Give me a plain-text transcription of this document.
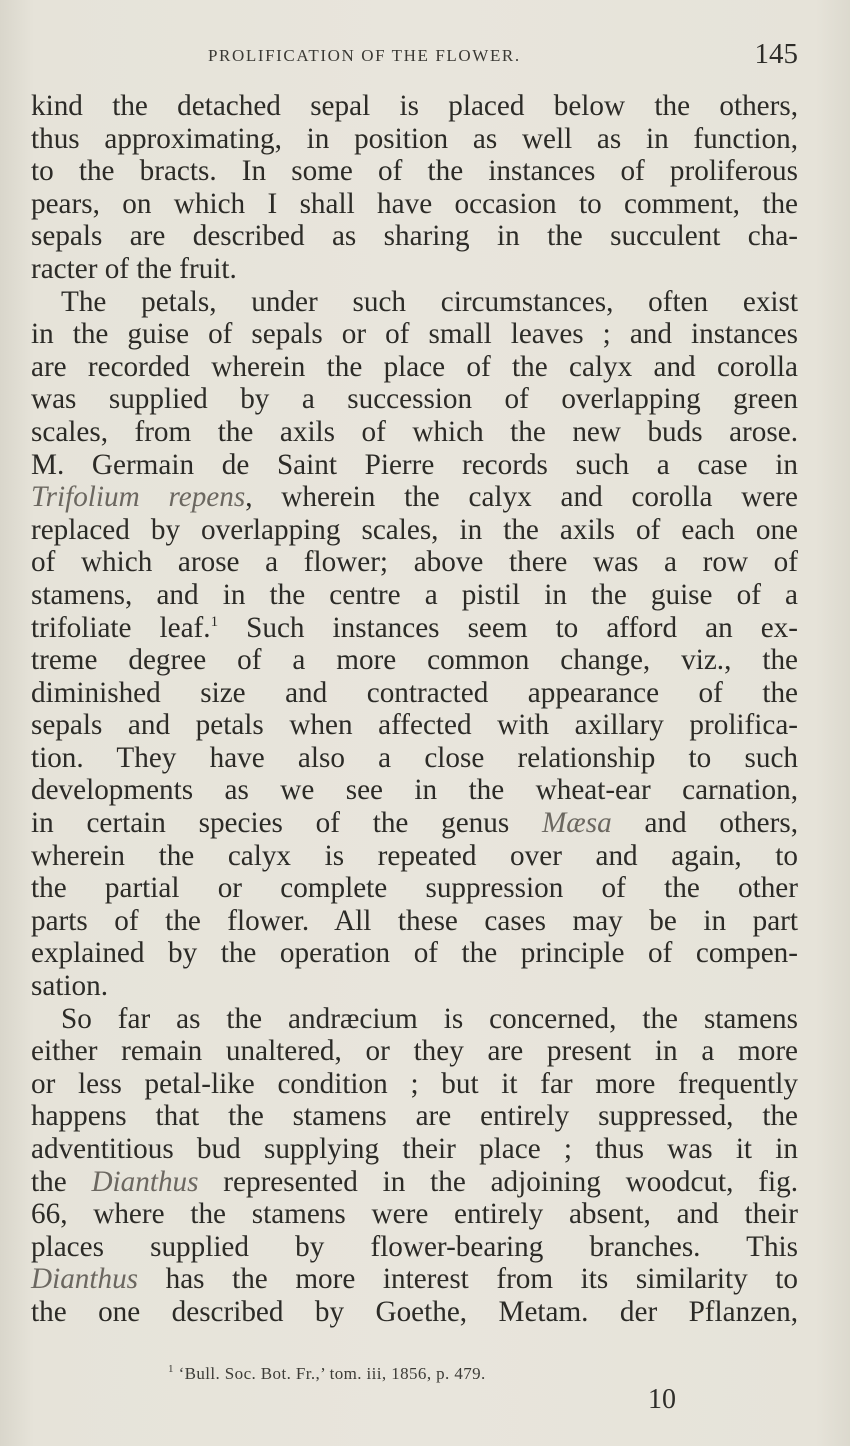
PROLIFICATION OF THE FLOWER.	145

kind the detached sepal is placed below the others,
thus approximating, in position as well as in function,
to the bracts. In some of the instances of proliferous
pears, on which I shall have occasion to comment, the
sepals are described as sharing in the succulent cha-
racter of the fruit.

The petals, under such circumstances, often exist
in the guise of sepals or of small leaves ; and instances
are recorded wherein the place of the calyx and corolla
was supplied by a succession of overlapping green
scales, from the axils of which the new buds arose.
M. Germain de Saint Pierre records such a case in
Trifolium repens, wherein the calyx and corolla were
replaced by overlapping scales, in the axils of each one
of which arose a flower; above there was a row of
stamens, and in the centre a pistil in the guise of a
trifoliate leaf.$^1$ Such instances seem to afford an ex-
treme degree of a more common change, viz., the
diminished size and contracted appearance of the
sepals and petals when affected with axillary prolifica-
tion. They have also a close relationship to such
developments as we see in the wheat-ear carnation,
in certain species of the genus Mæsa and others,
wherein the calyx is repeated over and again, to
the partial or complete suppression of the other
parts of the flower. All these cases may be in part
explained by the operation of the principle of compen-
sation.

So far as the andræcium is concerned, the stamens
either remain unaltered, or they are present in a more
or less petal-like condition ; but it far more frequently
happens that the stamens are entirely suppressed, the
adventitious bud supplying their place ; thus was it in
the Dianthus represented in the adjoining woodcut, fig.
66, where the stamens were entirely absent, and their
places supplied by flower-bearing branches. This
Dianthus has the more interest from its similarity to
the one described by Goethe, Metam. der Pflanzen,

$^1$ ‘Bull. Soc. Bot. Fr.,’ tom. iii, 1856, p. 479.
10
